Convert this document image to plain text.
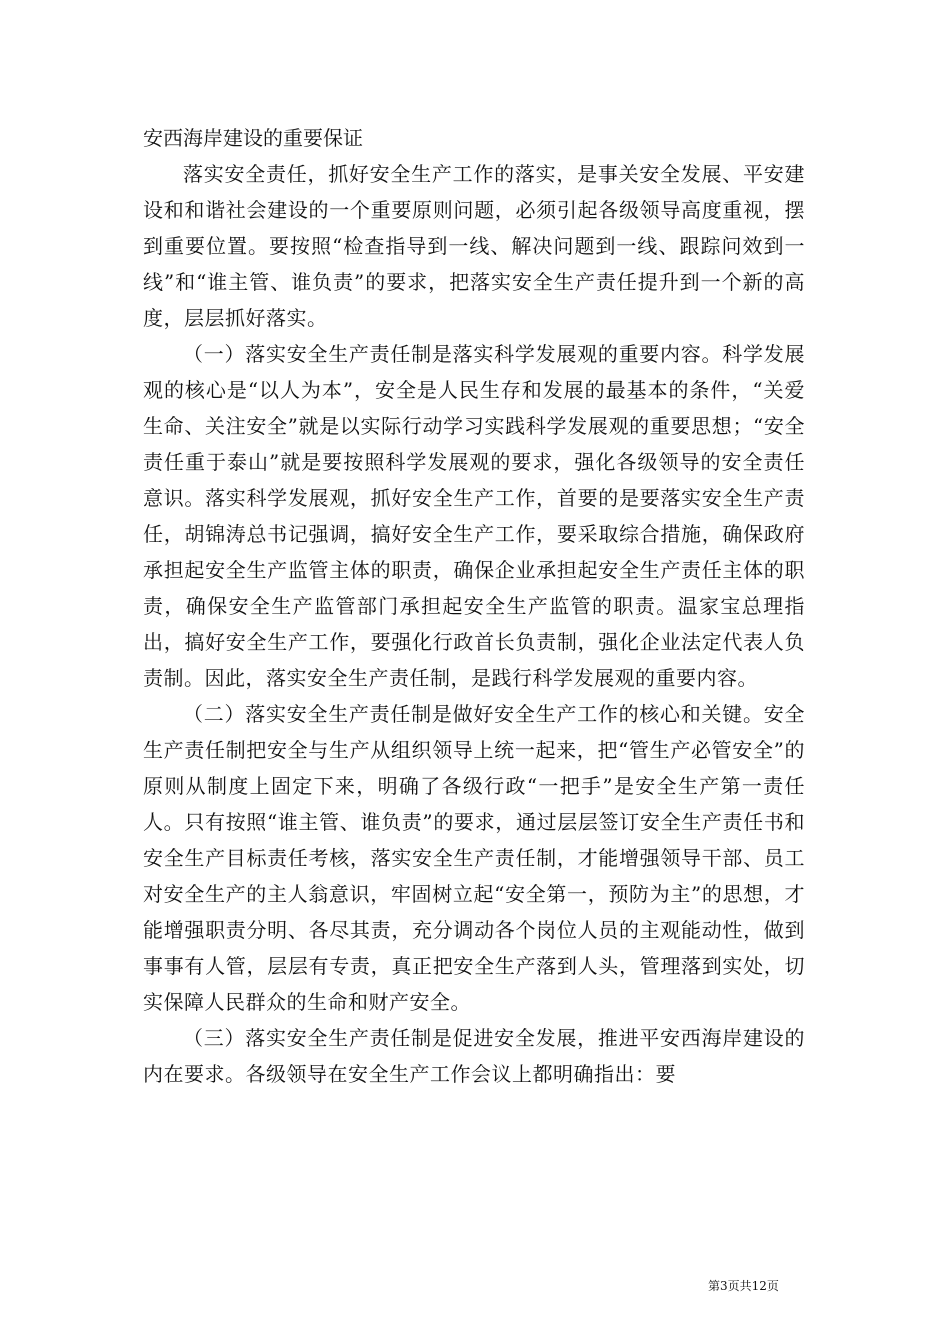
安西海岸建设的重要保证

落实安全责任，抓好安全生产工作的落实，是事关安全发展、平安建设和和谐社会建设的一个重要原则问题，必须引起各级领导高度重视，摆到重要位置。要按照“检查指导到一线、解决问题到一线、跟踪问效到一线”和“谁主管、谁负责”的要求，把落实安全生产责任提升到一个新的高度，层层抓好落实。

（一）落实安全生产责任制是落实科学发展观的重要内容。科学发展观的核心是“以人为本”，安全是人民生存和发展的最基本的条件，“关爱生命、关注安全”就是以实际行动学习实践科学发展观的重要思想；“安全责任重于泰山”就是要按照科学发展观的要求，强化各级领导的安全责任意识。落实科学发展观，抓好安全生产工作，首要的是要落实安全生产责任，胡锦涛总书记强调，搞好安全生产工作，要采取综合措施，确保政府承担起安全生产监管主体的职责，确保企业承担起安全生产责任主体的职责，确保安全生产监管部门承担起安全生产监管的职责。温家宝总理指出，搞好安全生产工作，要强化行政首长负责制，强化企业法定代表人负责制。因此，落实安全生产责任制，是践行科学发展观的重要内容。

（二）落实安全生产责任制是做好安全生产工作的核心和关键。安全生产责任制把安全与生产从组织领导上统一起来，把“管生产必管安全”的原则从制度上固定下来，明确了各级行政“一把手”是安全生产第一责任人。只有按照“谁主管、谁负责”的要求，通过层层签订安全生产责任书和安全生产目标责任考核，落实安全生产责任制，才能增强领导干部、员工对安全生产的主人翁意识，牢固树立起“安全第一，预防为主”的思想，才能增强职责分明、各尽其责，充分调动各个岗位人员的主观能动性，做到事事有人管，层层有专责，真正把安全生产落到人头，管理落到实处，切实保障人民群众的生命和财产安全。

（三）落实安全生产责任制是促进安全发展，推进平安西海岸建设的内在要求。各级领导在安全生产工作会议上都明确指出：要

第3页共12页
